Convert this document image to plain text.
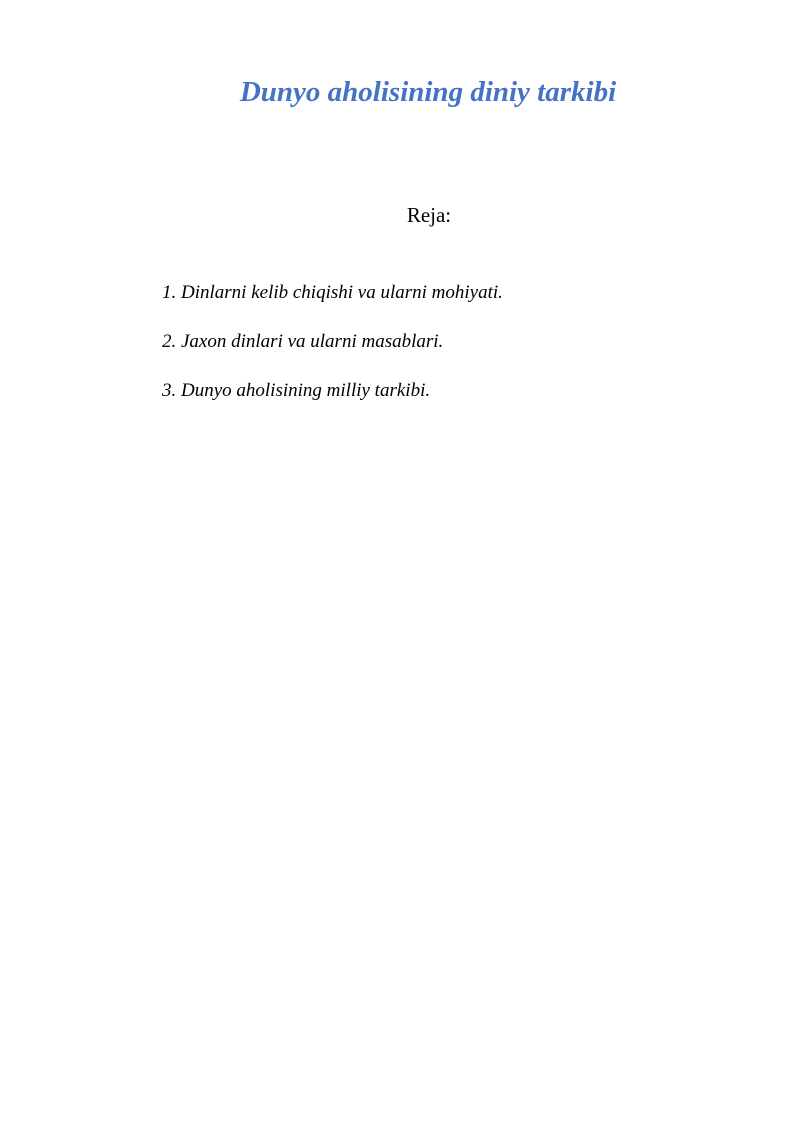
Dunyo aholisining diniy tarkibi

Reja:

1. Dinlarni kelib chiqishi va ularni mohiyati.
2. Jaxon dinlari va ularni masablari.
3. Dunyo aholisining milliy tarkibi.
